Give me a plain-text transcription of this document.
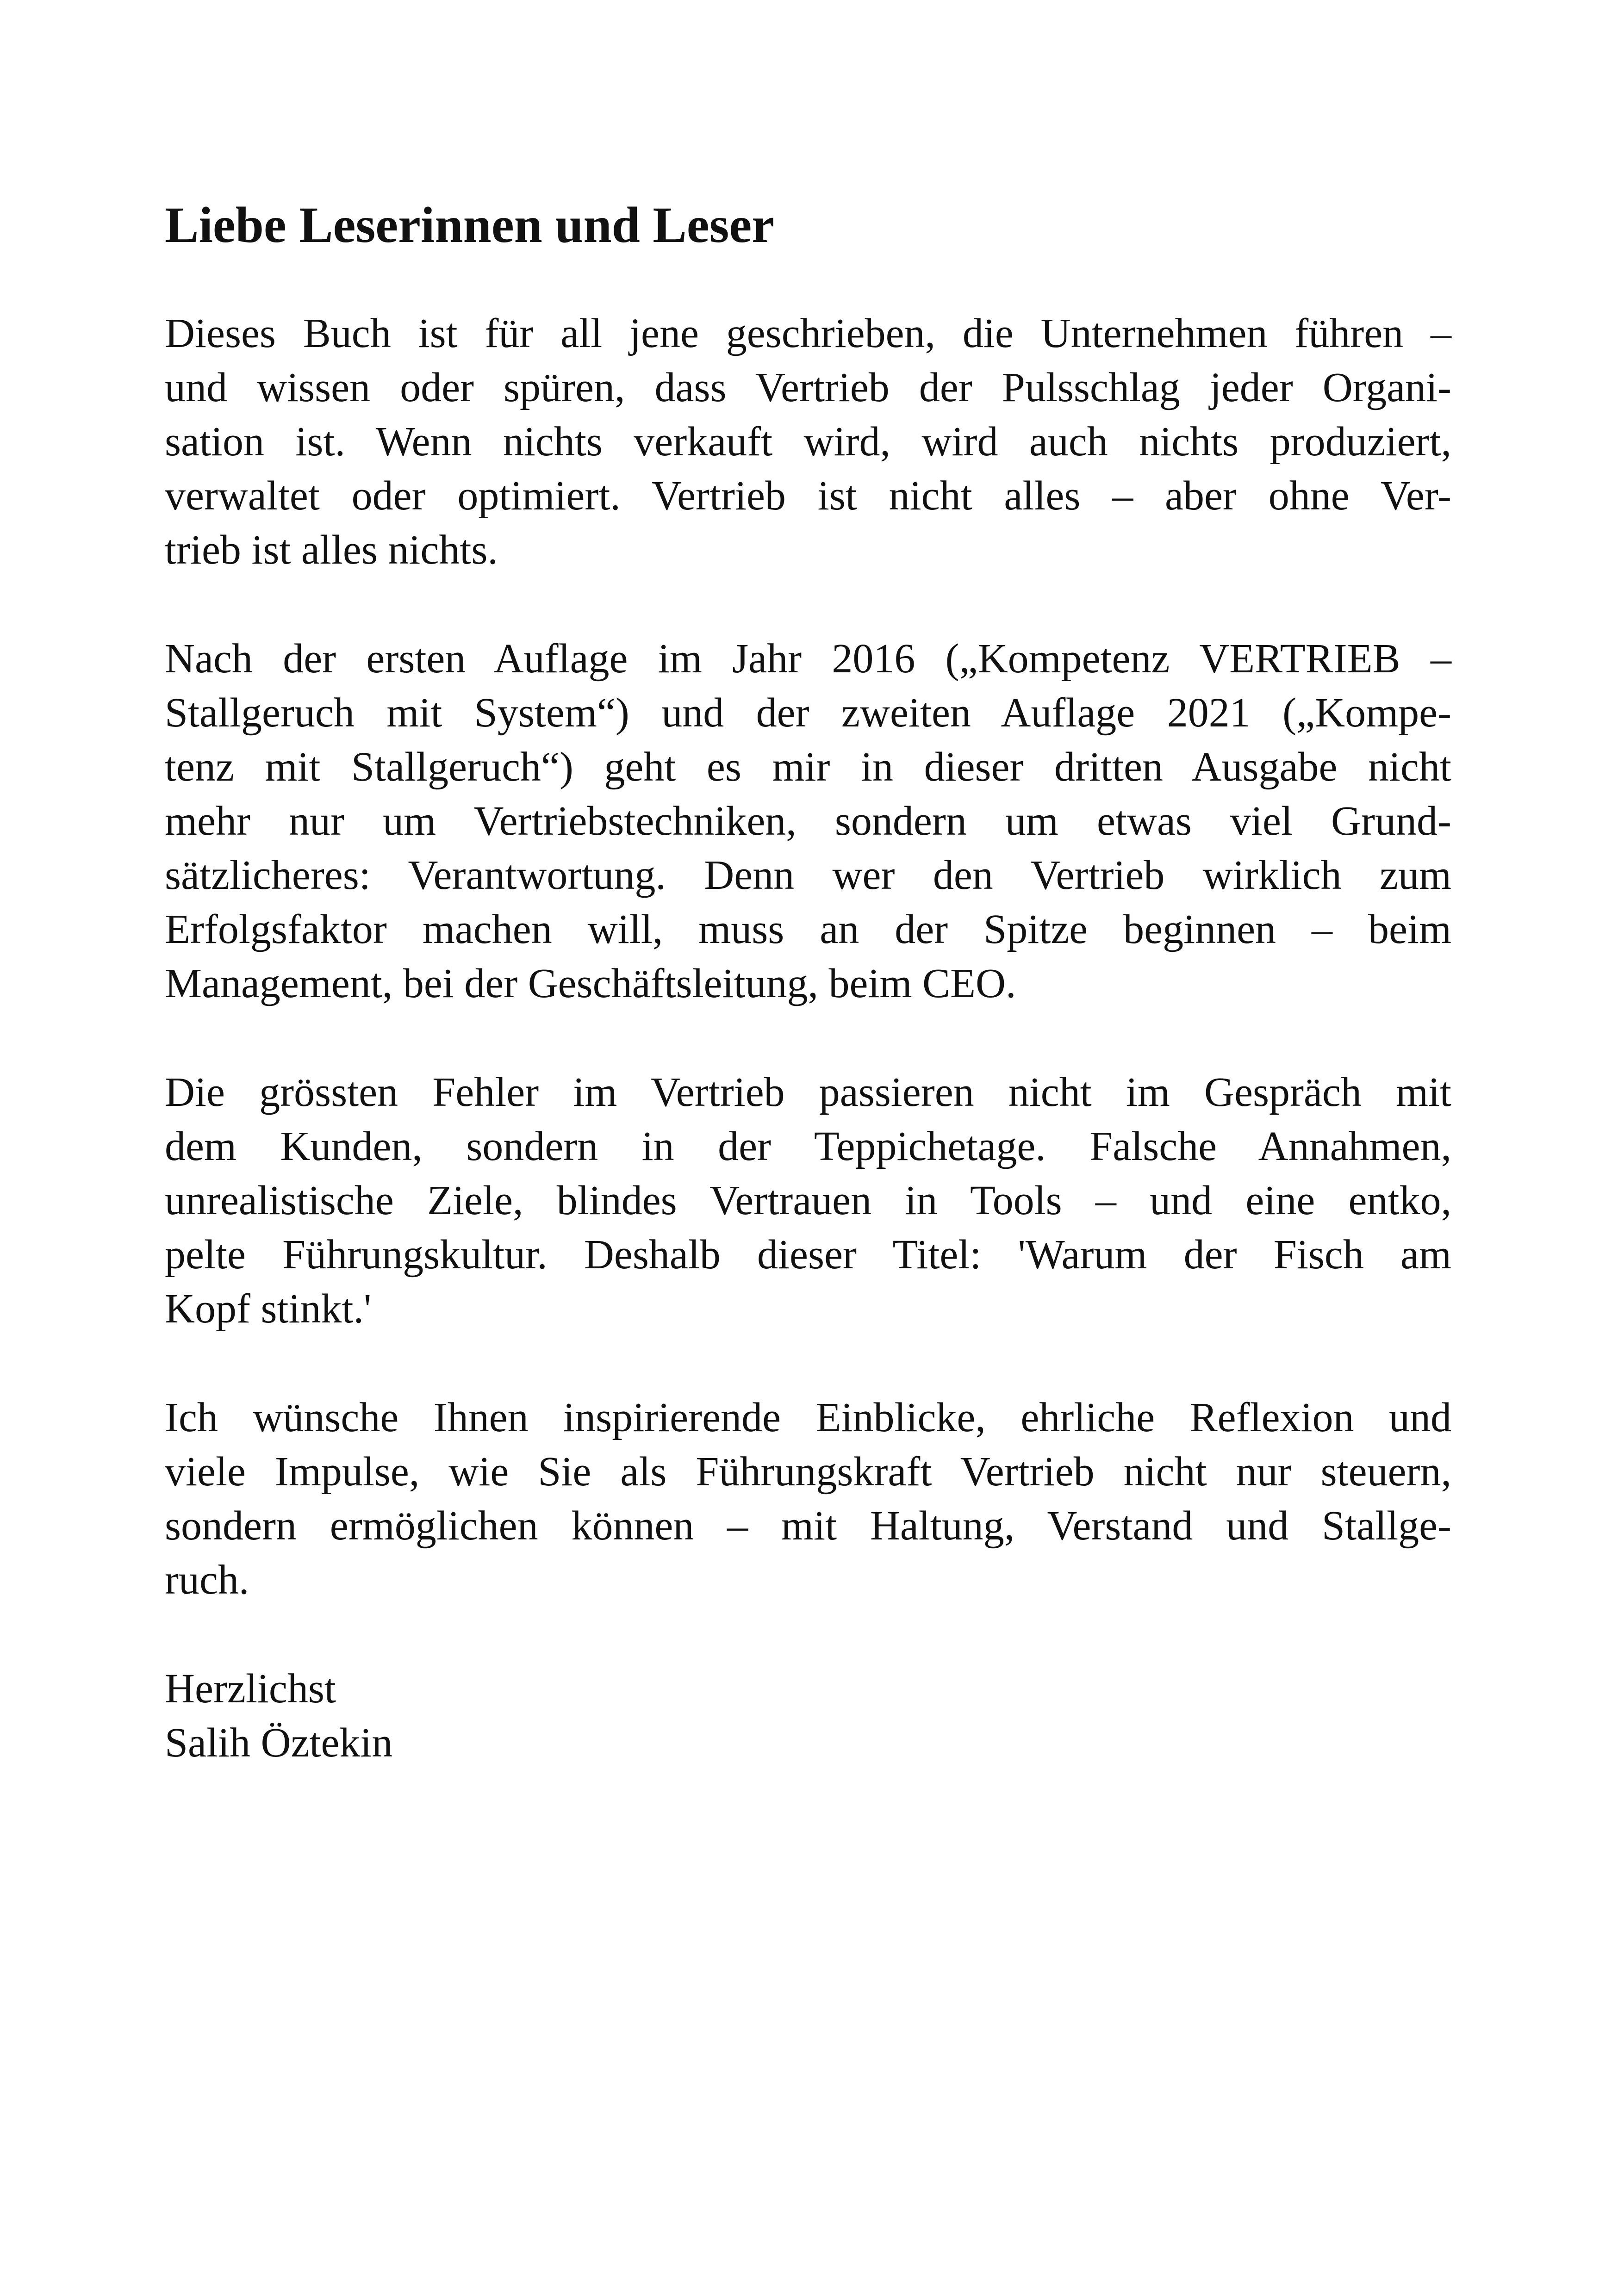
Liebe Leserinnen und Leser
Dieses Buch ist für all jene geschrieben, die Unternehmen führen –
und wissen oder spüren, dass Vertrieb der Pulsschlag jeder Organi-
sation ist. Wenn nichts verkauft wird, wird auch nichts produziert,
verwaltet oder optimiert. Vertrieb ist nicht alles – aber ohne Ver-
trieb ist alles nichts.
Nach der ersten Auflage im Jahr 2016 („Kompetenz VERTRIEB –
Stallgeruch mit System“) und der zweiten Auflage 2021 („Kompe-
tenz mit Stallgeruch“) geht es mir in dieser dritten Ausgabe nicht
mehr nur um Vertriebstechniken, sondern um etwas viel Grund-
sätzlicheres: Verantwortung. Denn wer den Vertrieb wirklich zum
Erfolgsfaktor machen will, muss an der Spitze beginnen – beim
Management, bei der Geschäftsleitung, beim CEO.
Die grössten Fehler im Vertrieb passieren nicht im Gespräch mit
dem Kunden, sondern in der Teppichetage. Falsche Annahmen,
unrealistische Ziele, blindes Vertrauen in Tools – und eine entko,
pelte Führungskultur. Deshalb dieser Titel: 'Warum der Fisch am
Kopf stinkt.'
Ich wünsche Ihnen inspirierende Einblicke, ehrliche Reflexion und
viele Impulse, wie Sie als Führungskraft Vertrieb nicht nur steuern,
sondern ermöglichen können – mit Haltung, Verstand und Stallge-
ruch.
Herzlichst
Salih Öztekin
